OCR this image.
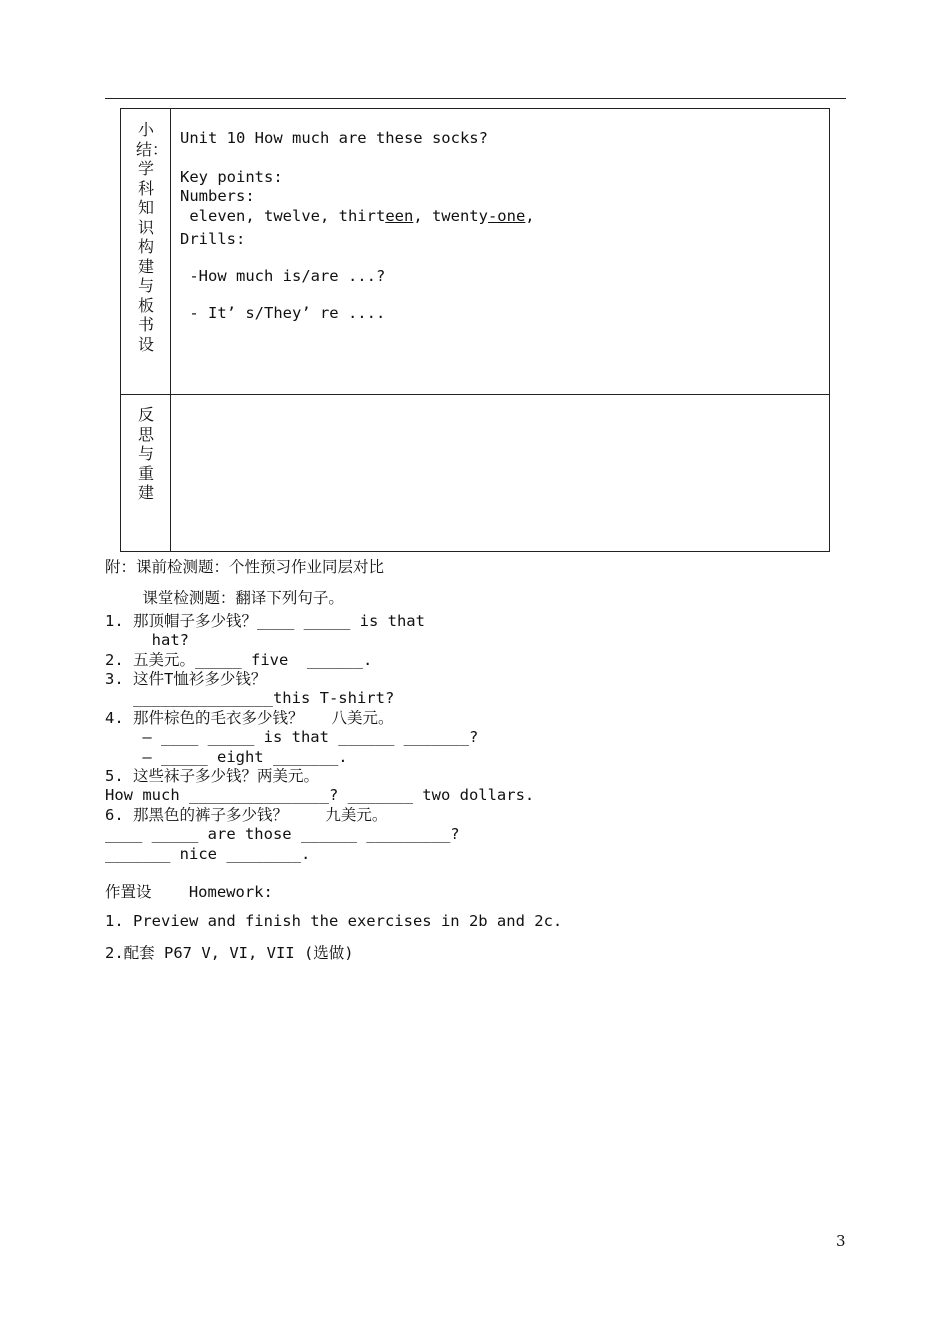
小结：学科知识构建与板书设
反思与重建
Unit 10 How much are these socks?
Key points:
Numbers:
eleven, twelve, thirteen, twenty-one,
Drills:
-How much is/are ...?
- It’ s/They’ re ....
附：课前检测题：个性预习作业同层对比
课堂检测题：翻译下列句子。
1. 那顶帽子多少钱？____ _____ is that
hat?
2. 五美元。_____ five  ______.
3. 这件T恤衫多少钱？
_______________this T-shirt?
4. 那件棕色的毛衣多少钱？   八美元。
— ____ _____ is that ______ _______?
— _____ eight _______.
5. 这些袜子多少钱？两美元。
How much _______________? _______ two dollars.
6. 那黑色的裤子多少钱？    九美元。
____ _____ are those ______ _________?
_______ nice ________.
作置设    Homework:
1. Preview and finish the exercises in 2b and 2c.
2.配套 P67 V, VI, VII (选做)
3
